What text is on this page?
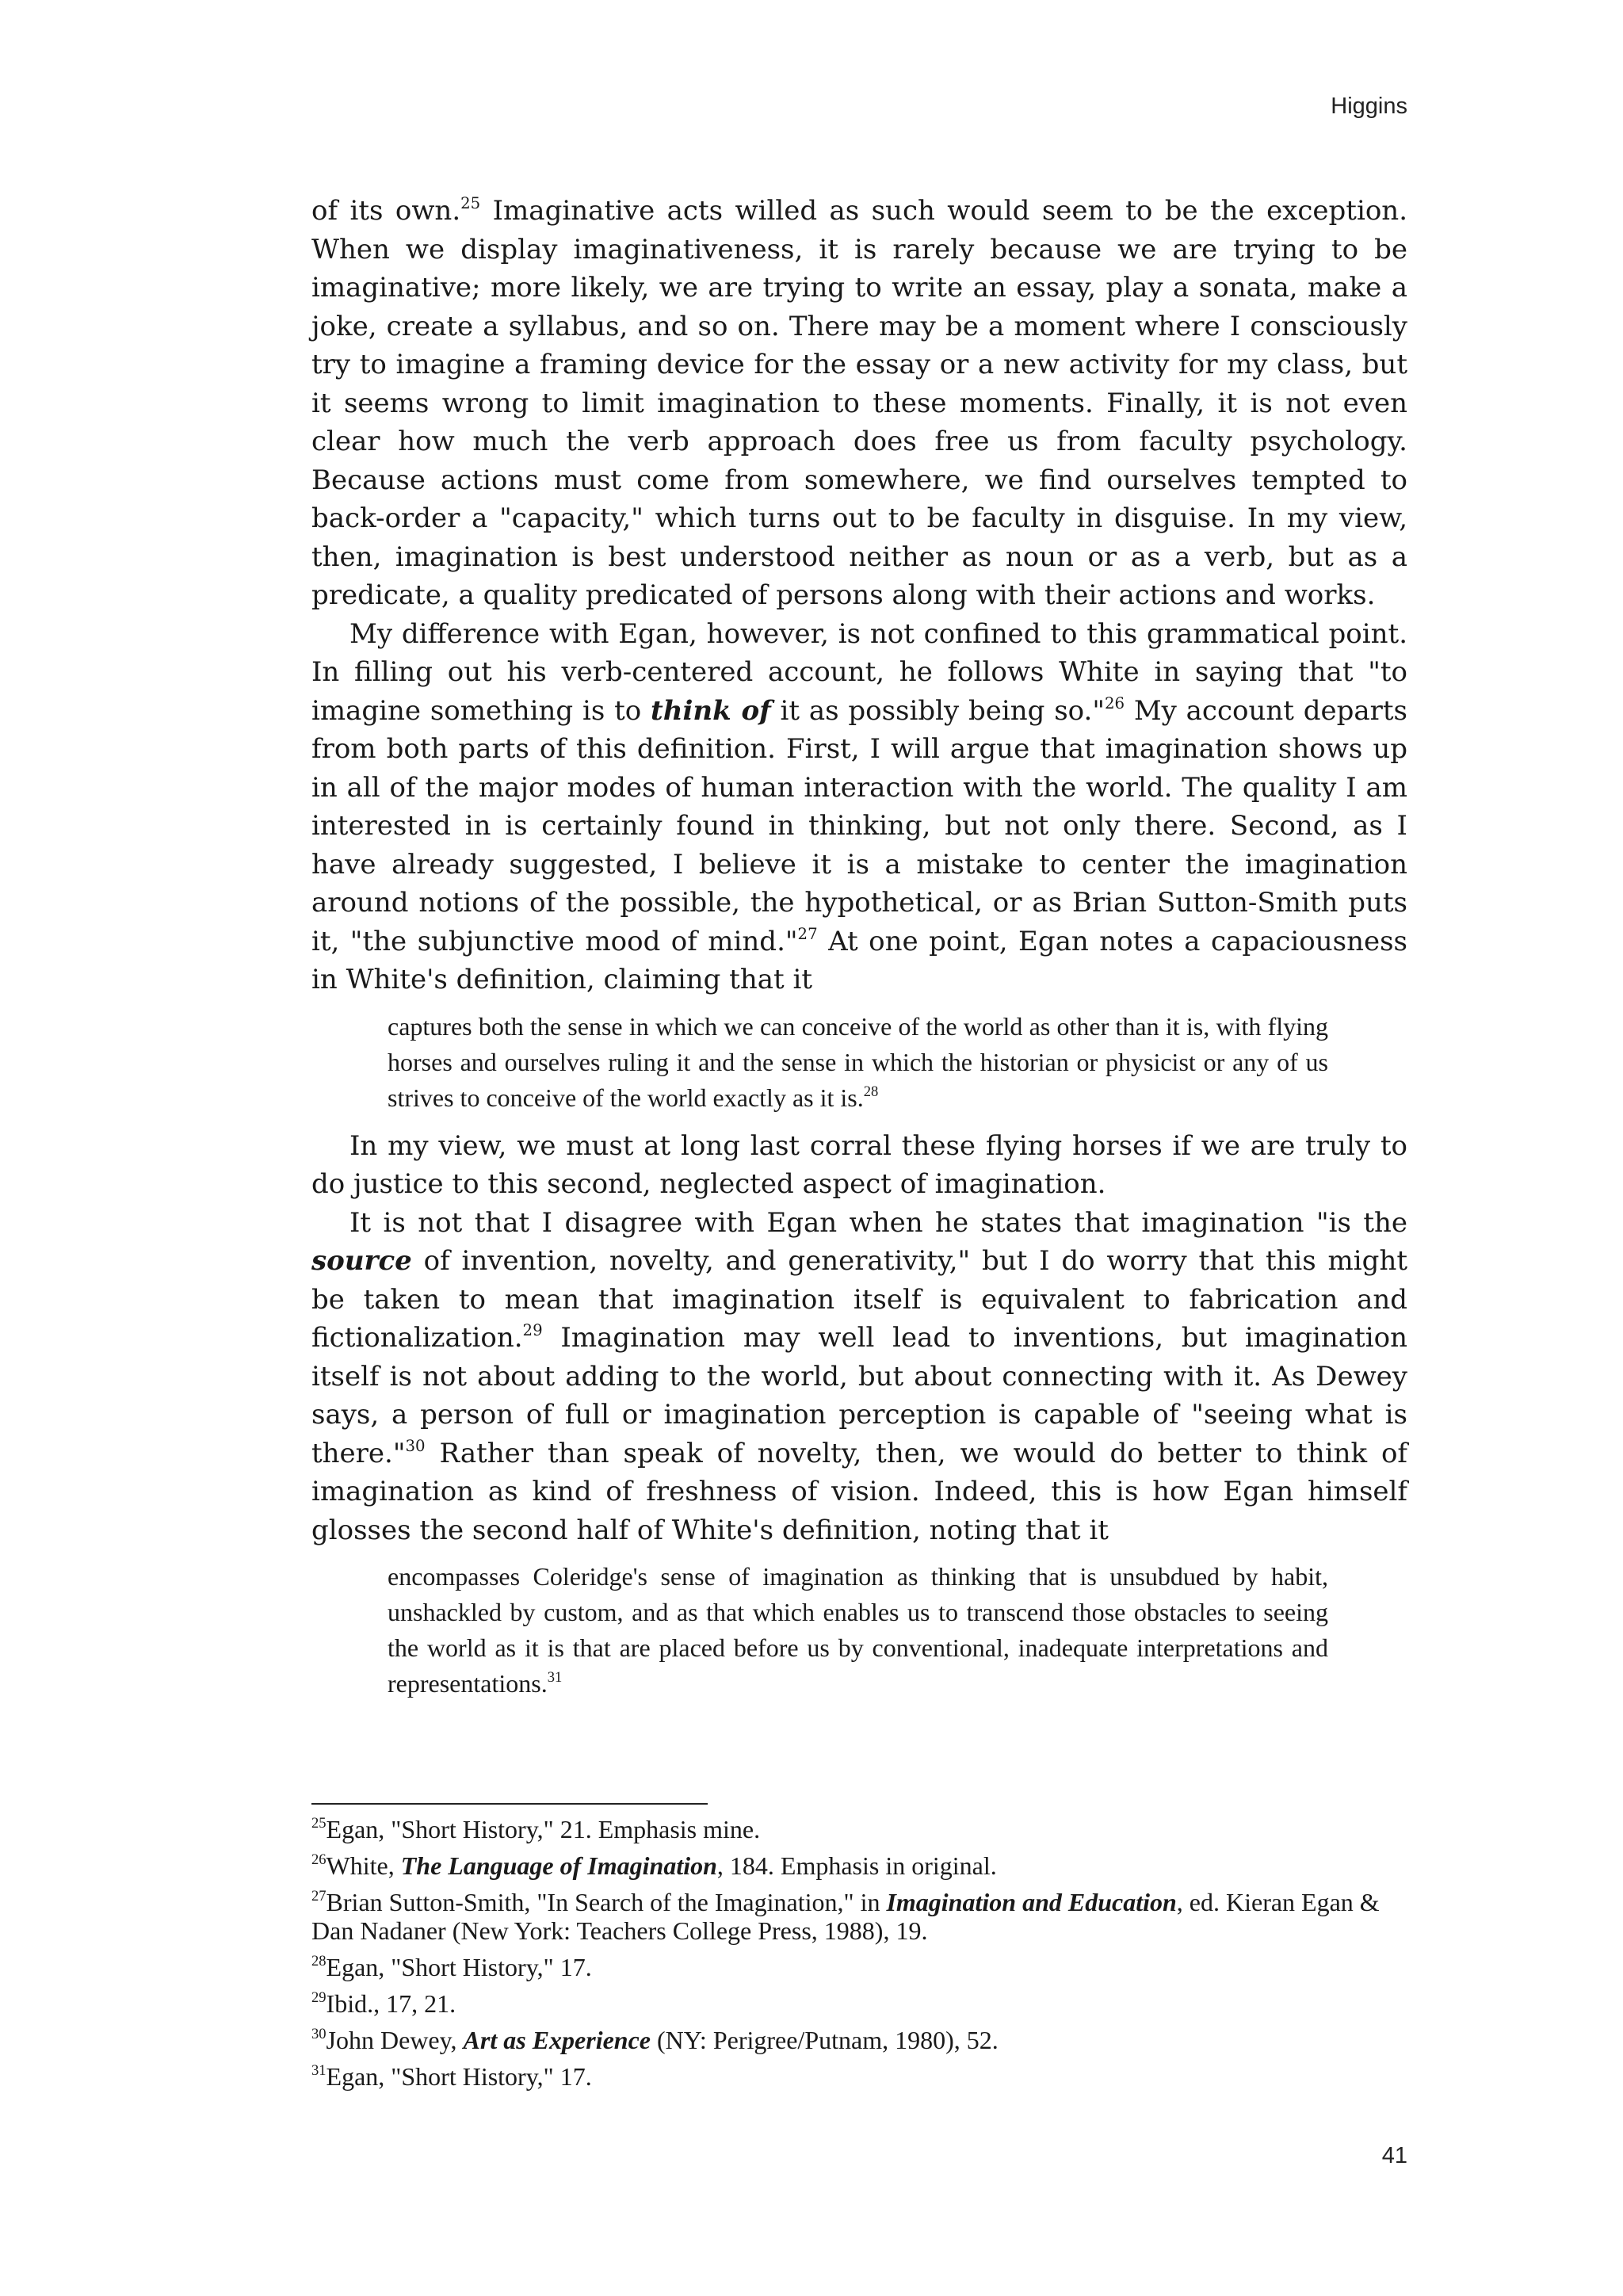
Higgins

of its own.$^{25}$ Imaginative acts willed as such would seem to be the exception. When we display imaginativeness, it is rarely because we are trying to be imaginative; more likely, we are trying to write an essay, play a sonata, make a joke, create a syllabus, and so on. There may be a moment where I consciously try to imagine a framing device for the essay or a new activity for my class, but it seems wrong to limit imagination to these moments. Finally, it is not even clear how much the verb approach does free us from faculty psychology. Because actions must come from somewhere, we find ourselves tempted to back-order a "capacity," which turns out to be faculty in disguise. In my view, then, imagination is best understood neither as noun or as a verb, but as a predicate, a quality predicated of persons along with their actions and works.

My difference with Egan, however, is not confined to this grammatical point. In filling out his verb-centered account, he follows White in saying that "to imagine something is to think of it as possibly being so."$^{26}$ My account departs from both parts of this definition. First, I will argue that imagination shows up in all of the major modes of human interaction with the world. The quality I am interested in is certainly found in thinking, but not only there. Second, as I have already suggested, I believe it is a mistake to center the imagination around notions of the possible, the hypothetical, or as Brian Sutton-Smith puts it, "the subjunctive mood of mind."$^{27}$ At one point, Egan notes a capaciousness in White's definition, claiming that it

captures both the sense in which we can conceive of the world as other than it is, with flying horses and ourselves ruling it and the sense in which the historian or physicist or any of us strives to conceive of the world exactly as it is.$^{28}$

In my view, we must at long last corral these flying horses if we are truly to do justice to this second, neglected aspect of imagination.

It is not that I disagree with Egan when he states that imagination "is the source of invention, novelty, and generativity," but I do worry that this might be taken to mean that imagination itself is equivalent to fabrication and fictionalization.$^{29}$ Imagination may well lead to inventions, but imagination itself is not about adding to the world, but about connecting with it. As Dewey says, a person of full or imagination perception is capable of "seeing what is there."$^{30}$ Rather than speak of novelty, then, we would do better to think of imagination as kind of freshness of vision. Indeed, this is how Egan himself glosses the second half of White's definition, noting that it

encompasses Coleridge's sense of imagination as thinking that is unsubdued by habit, unshackled by custom, and as that which enables us to transcend those obstacles to seeing the world as it is that are placed before us by conventional, inadequate interpretations and representations.$^{31}$

$^{25}$Egan, "Short History," 21. Emphasis mine.

$^{26}$White, The Language of Imagination, 184. Emphasis in original.

$^{27}$Brian Sutton-Smith, "In Search of the Imagination," in Imagination and Education, ed. Kieran Egan & Dan Nadaner (New York: Teachers College Press, 1988), 19.

$^{28}$Egan, "Short History," 17.

$^{29}$Ibid., 17, 21.

$^{30}$John Dewey, Art as Experience (NY: Perigree/Putnam, 1980), 52.

$^{31}$Egan, "Short History," 17.

41
